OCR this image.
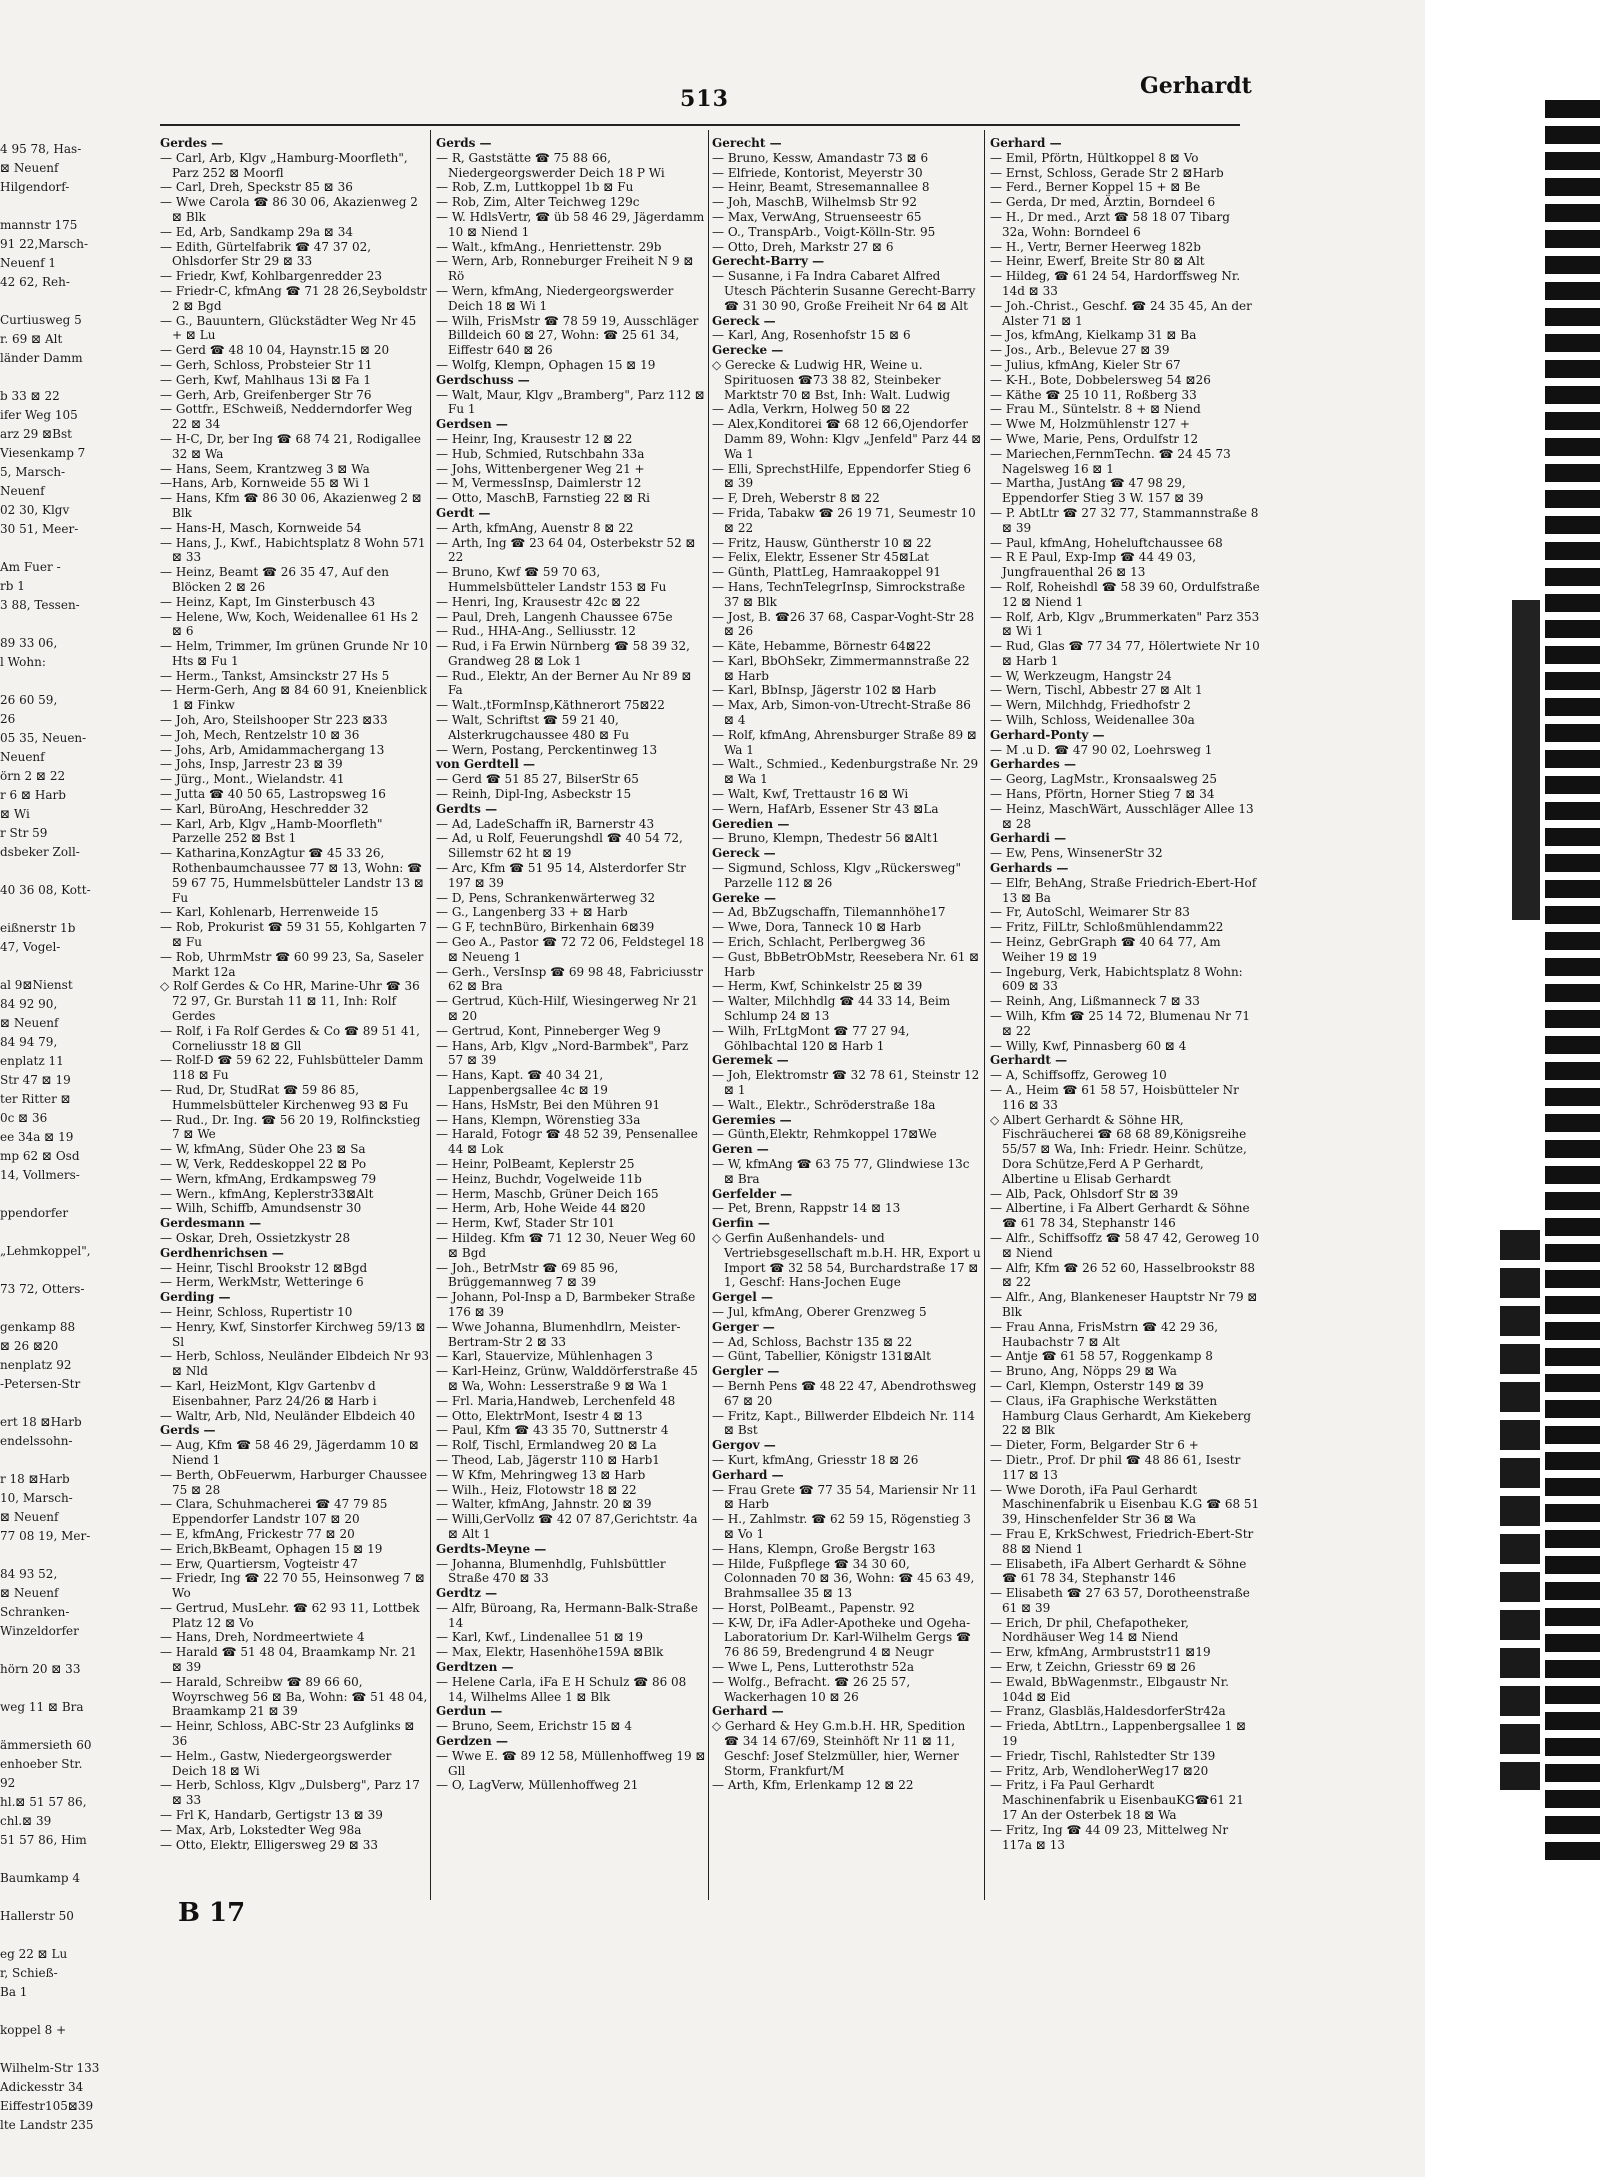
4 95 78, Has-
⊠ Neuenf
Hilgendorf-

mannstr 175
91 22,Marsch-
Neuenf 1
42 62, Reh-

Curtiusweg 5
r. 69 ⊠ Alt
länder Damm

b 33 ⊠ 22
ifer Weg 105
arz 29 ⊠Bst
Viesenkamp 7
5, Marsch-
Neuenf
02 30, Klgv
30 51, Meer-

Am Fuer -
rb 1
3 88, Tessen-

89 33 06,
l Wohn:

26 60 59,
26
05 35, Neuen-
Neuenf
örn 2 ⊠ 22
r 6 ⊠ Harb
⊠ Wi
r Str 59
dsbeker Zoll-

40 36 08, Kott-

eißnerstr 1b
47, Vogel-

al 9⊠Nienst
84 92 90,
⊠ Neuenf
84 94 79,
enplatz 11
Str 47 ⊠ 19
ter Ritter ⊠
0c ⊠ 36
ee 34a ⊠ 19
mp 62 ⊠ Osd
14, Vollmers-

ppendorfer

„Lehmkoppel",

73 72, Otters-

genkamp 88
⊠ 26 ⊠20
nenplatz 92
-Petersen-Str

ert 18 ⊠Harb
endelssohn-

r 18 ⊠Harb
10, Marsch-
⊠ Neuenf
77 08 19, Mer-

84 93 52,
⊠ Neuenf
Schranken-
Winzeldorfer

hörn 20 ⊠ 33

weg 11 ⊠ Bra

ämmersieth 60
enhoeber Str.
92
hl.⊠ 51 57 86,
chl.⊠ 39
51 57 86, Him

Baumkamp 4

Hallerstr 50

eg 22 ⊠ Lu
r, Schieß-
Ba 1

koppel 8 +

Wilhelm-Str 133
Adickesstr 34
Eiffestr105⊠39
lte Landstr 235
513	Gerhardt

Gerdes —

— Carl, Arb, Klgv „Hamburg-Moorfleth", Parz 252 ⊠ Moorfl

— Carl, Dreh, Speckstr 85 ⊠ 36

— Wwe Carola ☎ 86 30 06, Akazienweg 2 ⊠ Blk

— Ed, Arb, Sandkamp 29a ⊠ 34

— Edith, Gürtelfabrik ☎ 47 37 02, Ohlsdorfer Str 29 ⊠ 33

— Friedr, Kwf, Kohlbargenredder 23

— Friedr-C, kfmAng ☎ 71 28 26,Seyboldstr 2 ⊠ Bgd

— G., Bauuntern, Glückstädter Weg Nr 45 + ⊠ Lu

— Gerd ☎ 48 10 04, Haynstr.15 ⊠ 20

— Gerh, Schloss, Probsteier Str 11

— Gerh, Kwf, Mahlhaus 13i ⊠ Fa 1

— Gerh, Arb, Greifenberger Str 76

— Gottfr., ESchweiß, Nedderndorfer Weg 22 ⊠ 34

— H-C, Dr, ber Ing ☎ 68 74 21, Rodigallee 32 ⊠ Wa

— Hans, Seem, Krantzweg 3 ⊠ Wa

—Hans, Arb, Kornweide 55 ⊠ Wi 1

— Hans, Kfm ☎ 86 30 06, Akazienweg 2 ⊠ Blk

— Hans-H, Masch, Kornweide 54

— Hans, J., Kwf., Habichtsplatz 8 Wohn 571 ⊠ 33

— Heinz, Beamt ☎ 26 35 47, Auf den Blöcken 2 ⊠ 26

— Heinz, Kapt, Im Ginsterbusch 43

— Helene, Ww, Koch, Weidenallee 61 Hs 2 ⊠ 6

— Helm, Trimmer, Im grünen Grunde Nr 10 Hts ⊠ Fu 1

— Herm., Tankst, Amsinckstr 27 Hs 5

— Herm-Gerh, Ang ⊠ 84 60 91, Kneienblick 1 ⊠ Finkw

— Joh, Aro, Steilshooper Str 223 ⊠33

— Joh, Mech, Rentzelstr 10 ⊠ 36

— Johs, Arb, Amidammachergang 13

— Johs, Insp, Jarrestr 23 ⊠ 39

— Jürg., Mont., Wielandstr. 41

— Jutta ☎ 40 50 65, Lastropsweg 16

— Karl, BüroAng, Heschredder 32

— Karl, Arb, Klgv „Hamb-Moorfleth" Parzelle 252 ⊠ Bst 1

— Katharina,KonzAgtur ☎ 45 33 26, Rothenbaumchaussee 77 ⊠ 13, Wohn: ☎ 59 67 75, Hummelsbütteler Landstr 13 ⊠ Fu

— Karl, Kohlenarb, Herrenweide 15

— Rob, Prokurist ☎ 59 31 55, Kohlgarten 7 ⊠ Fu

— Rob, UhrmMstr ☎ 60 99 23, Sa, Saseler Markt 12a

◇ Rolf Gerdes & Co HR, Marine-Uhr ☎ 36 72 97, Gr. Burstah 11 ⊠ 11, Inh: Rolf Gerdes

— Rolf, i Fa Rolf Gerdes & Co ☎ 89 51 41, Corneliusstr 18 ⊠ Gll

— Rolf-D ☎ 59 62 22, Fuhlsbütteler Damm 118 ⊠ Fu

— Rud, Dr, StudRat ☎ 59 86 85, Hummelsbütteler Kirchenweg 93 ⊠ Fu

— Rud., Dr. Ing. ☎ 56 20 19, Rolfinckstieg 7 ⊠ We

— W, kfmAng, Süder Ohe 23 ⊠ Sa

— W, Verk, Reddeskoppel 22 ⊠ Po

— Wern, kfmAng, Erdkampsweg 79

— Wern., kfmAng, Keplerstr33⊠Alt

— Wilh, Schiffb, Amundsenstr 30

Gerdesmann —

— Oskar, Dreh, Ossietzkystr 28

Gerdhenrichsen —

— Heinr, Tischl Brookstr 12 ⊠Bgd

— Herm, WerkMstr, Wetteringe 6

Gerding —

— Heinr, Schloss, Rupertistr 10

— Henry, Kwf, Sinstorfer Kirchweg 59/13 ⊠ Sl

— Herb, Schloss, Neuländer Elbdeich Nr 93 ⊠ Nld

— Karl, HeizMont, Klgv Gartenbv d Eisenbahner, Parz 24/26 ⊠ Harb i

— Waltr, Arb, Nld, Neuländer Elbdeich 40

Gerds —

— Aug, Kfm ☎ 58 46 29, Jägerdamm 10 ⊠ Niend 1

— Berth, ObFeuerwm, Harburger Chaussee 75 ⊠ 28

— Clara, Schuhmacherei ☎ 47 79 85 Eppendorfer Landstr 107 ⊠ 20

— E, kfmAng, Frickestr 77 ⊠ 20

— Erich,BkBeamt, Ophagen 15 ⊠ 19

— Erw, Quartiersm, Vogteistr 47

— Friedr, Ing ☎ 22 70 55, Heinsonweg 7 ⊠ Wo

— Gertrud, MusLehr. ☎ 62 93 11, Lottbek Platz 12 ⊠ Vo

— Hans, Dreh, Nordmeertwiete 4

— Harald ☎ 51 48 04, Braamkamp Nr. 21 ⊠ 39

— Harald, Schreibw ☎ 89 66 60, Woyrschweg 56 ⊠ Ba, Wohn: ☎ 51 48 04, Braamkamp 21 ⊠ 39

— Heinr, Schloss, ABC-Str 23 Aufglinks ⊠ 36

— Helm., Gastw, Niedergeorgswerder Deich 18 ⊠ Wi

— Herb, Schloss, Klgv „Dulsberg", Parz 17 ⊠ 33

— Frl K, Handarb, Gertigstr 13 ⊠ 39

— Max, Arb, Lokstedter Weg 98a

— Otto, Elektr, Elligersweg 29 ⊠ 33

Gerds —

— R, Gaststätte ☎ 75 88 66, Niedergeorgswerder Deich 18 P Wi

— Rob, Z.m, Luttkoppel 1b ⊠ Fu

— Rob, Zim, Alter Teichweg 129c

— W. HdlsVertr, ☎ üb 58 46 29, Jägerdamm 10 ⊠ Niend 1

— Walt., kfmAng., Henriettenstr. 29b

— Wern, Arb, Ronneburger Freiheit N 9 ⊠ Rö

— Wern, kfmAng, Niedergeorgswerder Deich 18 ⊠ Wi 1

— Wilh, FrisMstr ☎ 78 59 19, Ausschläger Billdeich 60 ⊠ 27, Wohn: ☎ 25 61 34, Eiffestr 640 ⊠ 26

— Wolfg, Klempn, Ophagen 15 ⊠ 19

Gerdschuss —

— Walt, Maur, Klgv „Bramberg", Parz 112 ⊠ Fu 1

Gerdsen —

— Heinr, Ing, Krausestr 12 ⊠ 22

— Hub, Schmied, Rutschbahn 33a

— Johs, Wittenbergener Weg 21 +

— M, VermessInsp, Daimlerstr 12

— Otto, MaschB, Farnstieg 22 ⊠ Ri

Gerdt —

— Arth, kfmAng, Auenstr 8 ⊠ 22

— Arth, Ing ☎ 23 64 04, Osterbekstr 52 ⊠ 22

— Bruno, Kwf ☎ 59 70 63, Hummelsbütteler Landstr 153 ⊠ Fu

— Henri, Ing, Krausestr 42c ⊠ 22

— Paul, Dreh, Langenh Chaussee 675e

— Rud., HHA-Ang., Selliusstr. 12

— Rud, i Fa Erwin Nürnberg ☎ 58 39 32, Grandweg 28 ⊠ Lok 1

— Rud., Elektr, An der Berner Au Nr 89 ⊠ Fa

— Walt.,tFormInsp,Käthnerort 75⊠22

— Walt, Schriftst ☎ 59 21 40, Alsterkrugchaussee 480 ⊠ Fu

— Wern, Postang, Perckentinweg 13

von Gerdtell —

— Gerd ☎ 51 85 27, BilserStr 65

— Reinh, Dipl-Ing, Asbeckstr 15

Gerdts —

— Ad, LadeSchaffn iR, Barnerstr 43

— Ad, u Rolf, Feuerungshdl ☎ 40 54 72, Sillemstr 62 ht ⊠ 19

— Arc, Kfm ☎ 51 95 14, Alsterdorfer Str 197 ⊠ 39

— D, Pens, Schrankenwärterweg 32

— G., Langenberg 33 + ⊠ Harb

— G F, technBüro, Birkenhain 6⊠39

— Geo A., Pastor ☎ 72 72 06, Feldstegel 18 ⊠ Neueng 1

— Gerh., VersInsp ☎ 69 98 48, Fabriciusstr 62 ⊠ Bra

— Gertrud, Küch-Hilf, Wiesingerweg Nr 21 ⊠ 20

— Gertrud, Kont, Pinneberger Weg 9

— Hans, Arb, Klgv „Nord-Barmbek", Parz 57 ⊠ 39

— Hans, Kapt. ☎ 40 34 21, Lappenbergsallee 4c ⊠ 19

— Hans, HsMstr, Bei den Mühren 91

— Hans, Klempn, Wörenstieg 33a

— Harald, Fotogr ☎ 48 52 39, Pensenallee 44 ⊠ Lok

— Heinr, PolBeamt, Keplerstr 25

— Heinz, Buchdr, Vogelweide 11b

— Herm, Maschb, Grüner Deich 165

— Herm, Arb, Hohe Weide 44 ⊠20

— Herm, Kwf, Stader Str 101

— Hildeg. Kfm ☎ 71 12 30, Neuer Weg 60 ⊠ Bgd

— Joh., BetrMstr ☎ 69 85 96, Brüggemannweg 7 ⊠ 39

— Johann, Pol-Insp a D, Barmbeker Straße 176 ⊠ 39

— Wwe Johanna, Blumenhdlrn, Meister-Bertram-Str 2 ⊠ 33

— Karl, Stauervize, Mühlenhagen 3

— Karl-Heinz, Grünw, Walddörferstraße 45 ⊠ Wa, Wohn: Lesserstraße 9 ⊠ Wa 1

— Frl. Maria,Handweb, Lerchenfeld 48

— Otto, ElektrMont, Isestr 4 ⊠ 13

— Paul, Kfm ☎ 43 35 70, Suttnerstr 4

— Rolf, Tischl, Ermlandweg 20 ⊠ La

— Theod, Lab, Jägerstr 110 ⊠ Harb1

— W Kfm, Mehringweg 13 ⊠ Harb

— Wilh., Heiz, Flotowstr 18 ⊠ 22

— Walter, kfmAng, Jahnstr. 20 ⊠ 39

— Willi,GerVollz ☎ 42 07 87,Gerichtstr. 4a ⊠ Alt 1

Gerdts-Meyne —

— Johanna, Blumenhdlg, Fuhlsbüttler Straße 470 ⊠ 33

Gerdtz —

— Alfr, Büroang, Ra, Hermann-Balk-Straße 14

— Karl, Kwf., Lindenallee 51 ⊠ 19

— Max, Elektr, Hasenhöhe159A ⊠Blk

Gerdtzen —

— Helene Carla, iFa E H Schulz ☎ 86 08 14, Wilhelms Allee 1 ⊠ Blk

Gerdun —

— Bruno, Seem, Erichstr 15 ⊠ 4

Gerdzen —

— Wwe E. ☎ 89 12 58, Müllenhoffweg 19 ⊠ Gll

— O, LagVerw, Müllenhoffweg 21

Gerecht —

— Bruno, Kessw, Amandastr 73 ⊠ 6

— Elfriede, Kontorist, Meyerstr 30

— Heinr, Beamt, Stresemannallee 8

— Joh, MaschB, Wilhelmsb Str 92

— Max, VerwAng, Struenseestr 65

— O., TranspArb., Voigt-Kölln-Str. 95

— Otto, Dreh, Markstr 27 ⊠ 6

Gerecht-Barry —

— Susanne, i Fa Indra Cabaret Alfred Utesch Pächterin Susanne Gerecht-Barry ☎ 31 30 90, Große Freiheit Nr 64 ⊠ Alt

Gereck —

— Karl, Ang, Rosenhofstr 15 ⊠ 6

Gerecke —

◇ Gerecke & Ludwig HR, Weine u. Spirituosen ☎73 38 82, Steinbeker Marktstr 70 ⊠ Bst, Inh: Walt. Ludwig

— Adla, Verkrn, Holweg 50 ⊠ 22

— Alex,Konditorei ☎ 68 12 66,Ojendorfer Damm 89, Wohn: Klgv „Jenfeld" Parz 44 ⊠ Wa 1

— Elli, SprechstHilfe, Eppendorfer Stieg 6 ⊠ 39

— F, Dreh, Weberstr 8 ⊠ 22

— Frida, Tabakw ☎ 26 19 71, Seumestr 10 ⊠ 22

— Fritz, Hausw, Güntherstr 10 ⊠ 22

— Felix, Elektr, Essener Str 45⊠Lat

— Günth, PlattLeg, Hamraakoppel 91

— Hans, TechnTelegrInsp, Simrockstraße 37 ⊠ Blk

— Jost, B. ☎26 37 68, Caspar-Voght-Str 28 ⊠ 26

— Käte, Hebamme, Börnestr 64⊠22

— Karl, BbOhSekr, Zimmermannstraße 22 ⊠ Harb

— Karl, BbInsp, Jägerstr 102 ⊠ Harb

— Max, Arb, Simon-von-Utrecht-Straße 86 ⊠ 4

— Rolf, kfmAng, Ahrensburger Straße 89 ⊠ Wa 1

— Walt., Schmied., Kedenburgstraße Nr. 29 ⊠ Wa 1

— Walt, Kwf, Trettaustr 16 ⊠ Wi

— Wern, HafArb, Essener Str 43 ⊠La

Geredien —

— Bruno, Klempn, Thedestr 56 ⊠Alt1

Gereck —

— Sigmund, Schloss, Klgv „Rückersweg" Parzelle 112 ⊠ 26

Gereke —

— Ad, BbZugschaffn, Tilemannhöhe17

— Wwe, Dora, Tanneck 10 ⊠ Harb

— Erich, Schlacht, Perlbergweg 36

— Gust, BbBetrObMstr, Reesebera Nr. 61 ⊠ Harb

— Herm, Kwf, Schinkelstr 25 ⊠ 39

— Walter, Milchhdlg ☎ 44 33 14, Beim Schlump 24 ⊠ 13

— Wilh, FrLtgMont ☎ 77 27 94, Göhlbachtal 120 ⊠ Harb 1

Geremek —

— Joh, Elektromstr ☎ 32 78 61, Steinstr 12 ⊠ 1

— Walt., Elektr., Schröderstraße 18a

Geremies —

— Günth,Elektr, Rehmkoppel 17⊠We

Geren —

— W, kfmAng ☎ 63 75 77, Glindwiese 13c ⊠ Bra

Gerfelder —

— Pet, Brenn, Rappstr 14 ⊠ 13

Gerfin —

◇ Gerfin Außenhandels- und Vertriebsgesellschaft m.b.H. HR, Export u Import ☎ 32 58 54, Burchardstraße 17 ⊠ 1, Geschf: Hans-Jochen Euge

Gergel —

— Jul, kfmAng, Oberer Grenzweg 5

Gerger —

— Ad, Schloss, Bachstr 135 ⊠ 22

— Günt, Tabellier, Königstr 131⊠Alt

Gergler —

— Bernh Pens ☎ 48 22 47, Abendrothsweg 67 ⊠ 20

— Fritz, Kapt., Billwerder Elbdeich Nr. 114 ⊠ Bst

Gergov —

— Kurt, kfmAng, Griesstr 18 ⊠ 26

Gerhard —

— Frau Grete ☎ 77 35 54, Mariensir Nr 11 ⊠ Harb

— H., Zahlmstr. ☎ 62 59 15, Rögenstieg 3 ⊠ Vo 1

— Hans, Klempn, Große Bergstr 163

— Hilde, Fußpflege ☎ 34 30 60, Colonnaden 70 ⊠ 36, Wohn: ☎ 45 63 49, Brahmsallee 35 ⊠ 13

— Horst, PolBeamt., Papenstr. 92

— K-W, Dr, iFa Adler-Apotheke und Ogeha-Laboratorium Dr. Karl-Wilhelm Gergs ☎ 76 86 59, Bredengrund 4 ⊠ Neugr

— Wwe L, Pens, Lutterothstr 52a

— Wolfg., Befracht. ☎ 26 25 57, Wackerhagen 10 ⊠ 26

Gerhard —

◇ Gerhard & Hey G.m.b.H. HR, Spedition ☎ 34 14 67/69, Steinhöft Nr 11 ⊠ 11, Geschf: Josef Stelzmüller, hier, Werner Storm, Frankfurt/M

— Arth, Kfm, Erlenkamp 12 ⊠ 22

Gerhard —

— Emil, Pförtn, Hültkoppel 8 ⊠ Vo

— Ernst, Schloss, Gerade Str 2 ⊠Harb

— Ferd., Berner Koppel 15 + ⊠ Be

— Gerda, Dr med, Ärztin, Borndeel 6

— H., Dr med., Arzt ☎ 58 18 07 Tibarg 32a, Wohn: Borndeel 6

— H., Vertr, Berner Heerweg 182b

— Heinr, Ewerf, Breite Str 80 ⊠ Alt

— Hildeg, ☎ 61 24 54, Hardorffsweg Nr. 14d ⊠ 33

— Joh.-Christ., Geschf. ☎ 24 35 45, An der Alster 71 ⊠ 1

— Jos, kfmAng, Kielkamp 31 ⊠ Ba

— Jos., Arb., Belevue 27 ⊠ 39

— Julius, kfmAng, Kieler Str 67

— K-H., Bote, Dobbelersweg 54 ⊠26

— Käthe ☎ 25 10 11, Roßberg 33

— Frau M., Süntelstr. 8 + ⊠ Niend

— Wwe M, Holzmühlenstr 127 +

— Wwe, Marie, Pens, Ordulfstr 12

— Mariechen,FernmTechn. ☎ 24 45 73 Nagelsweg 16 ⊠ 1

— Martha, JustAng ☎ 47 98 29, Eppendorfer Stieg 3 W. 157 ⊠ 39

— P. AbtLtr ☎ 27 32 77, Stammannstraße 8 ⊠ 39

— Paul, kfmAng, Hoheluftchaussee 68

— R E Paul, Exp-Imp ☎ 44 49 03, Jungfrauenthal 26 ⊠ 13

— Rolf, Roheishdl ☎ 58 39 60, Ordulfstraße 12 ⊠ Niend 1

— Rolf, Arb, Klgv „Brummerkaten" Parz 353 ⊠ Wi 1

— Rud, Glas ☎ 77 34 77, Hölertwiete Nr 10 ⊠ Harb 1

— W, Werkzeugm, Hangstr 24

— Wern, Tischl, Abbestr 27 ⊠ Alt 1

— Wern, Milchhdg, Friedhofstr 2

— Wilh, Schloss, Weidenallee 30a

Gerhard-Ponty —

— M .u D. ☎ 47 90 02, Loehrsweg 1

Gerhardes —

— Georg, LagMstr., Kronsaalsweg 25

— Hans, Pförtn, Horner Stieg 7 ⊠ 34

— Heinz, MaschWärt, Ausschläger Allee 13 ⊠ 28

Gerhardi —

— Ew, Pens, WinsenerStr 32

Gerhards —

— Elfr, BehAng, Straße Friedrich-Ebert-Hof 13 ⊠ Ba

— Fr, AutoSchl, Weimarer Str 83

— Fritz, FilLtr, Schloßmühlendamm22

— Heinz, GebrGraph ☎ 40 64 77, Am Weiher 19 ⊠ 19

— Ingeburg, Verk, Habichtsplatz 8 Wohn: 609 ⊠ 33

— Reinh, Ang, Lißmanneck 7 ⊠ 33

— Wilh, Kfm ☎ 25 14 72, Blumenau Nr 71 ⊠ 22

— Willy, Kwf, Pinnasberg 60 ⊠ 4

Gerhardt —

— A, Schiffsoffz, Geroweg 10

— A., Heim ☎ 61 58 57, Hoisbütteler Nr 116 ⊠ 33

◇ Albert Gerhardt & Söhne HR, Fischräucherei ☎ 68 68 89,Königsreihe 55/57 ⊠ Wa, Inh: Friedr. Heinr. Schütze, Dora Schütze,Ferd A P Gerhardt, Albertine u Elisab Gerhardt

— Alb, Pack, Ohlsdorf Str ⊠ 39

— Albertine, i Fa Albert Gerhardt & Söhne ☎ 61 78 34, Stephanstr 146

— Alfr., Schiffsoffz ☎ 58 47 42, Geroweg 10 ⊠ Niend

— Alfr, Kfm ☎ 26 52 60, Hasselbrookstr 88 ⊠ 22

— Alfr., Ang, Blankeneser Hauptstr Nr 79 ⊠ Blk

— Frau Anna, FrisMstrn ☎ 42 29 36, Haubachstr 7 ⊠ Alt

— Antje ☎ 61 58 57, Roggenkamp 8

— Bruno, Ang, Nöpps 29 ⊠ Wa

— Carl, Klempn, Osterstr 149 ⊠ 39

— Claus, iFa Graphische Werkstätten Hamburg Claus Gerhardt, Am Kiekeberg 22 ⊠ Blk

— Dieter, Form, Belgarder Str 6 +

— Dietr., Prof. Dr phil ☎ 48 86 61, Isestr 117 ⊠ 13

— Wwe Doroth, iFa Paul Gerhardt Maschinenfabrik u Eisenbau K.G ☎ 68 51 39, Hinschenfelder Str 36 ⊠ Wa

— Frau E, KrkSchwest, Friedrich-Ebert-Str 88 ⊠ Niend 1

— Elisabeth, iFa Albert Gerhardt & Söhne ☎ 61 78 34, Stephanstr 146

— Elisabeth ☎ 27 63 57, Dorotheenstraße 61 ⊠ 39

— Erich, Dr phil, Chefapotheker, Nordhäuser Weg 14 ⊠ Niend

— Erw, kfmAng, Armbruststr11 ⊠19

— Erw, t Zeichn, Griesstr 69 ⊠ 26

— Ewald, BbWagenmstr., Elbgaustr Nr. 104d ⊠ Eid

— Franz, Glasbläs,HaldesdorferStr42a

— Frieda, AbtLtrn., Lappenbergsallee 1 ⊠ 19

— Friedr, Tischl, Rahlstedter Str 139

— Fritz, Arb, WendloherWeg17 ⊠20

— Fritz, i Fa Paul Gerhardt Maschinenfabrik u EisenbauKG☎61 21 17 An der Osterbek 18 ⊠ Wa

— Fritz, Ing ☎ 44 09 23, Mittelweg Nr 117a ⊠ 13

B 17
